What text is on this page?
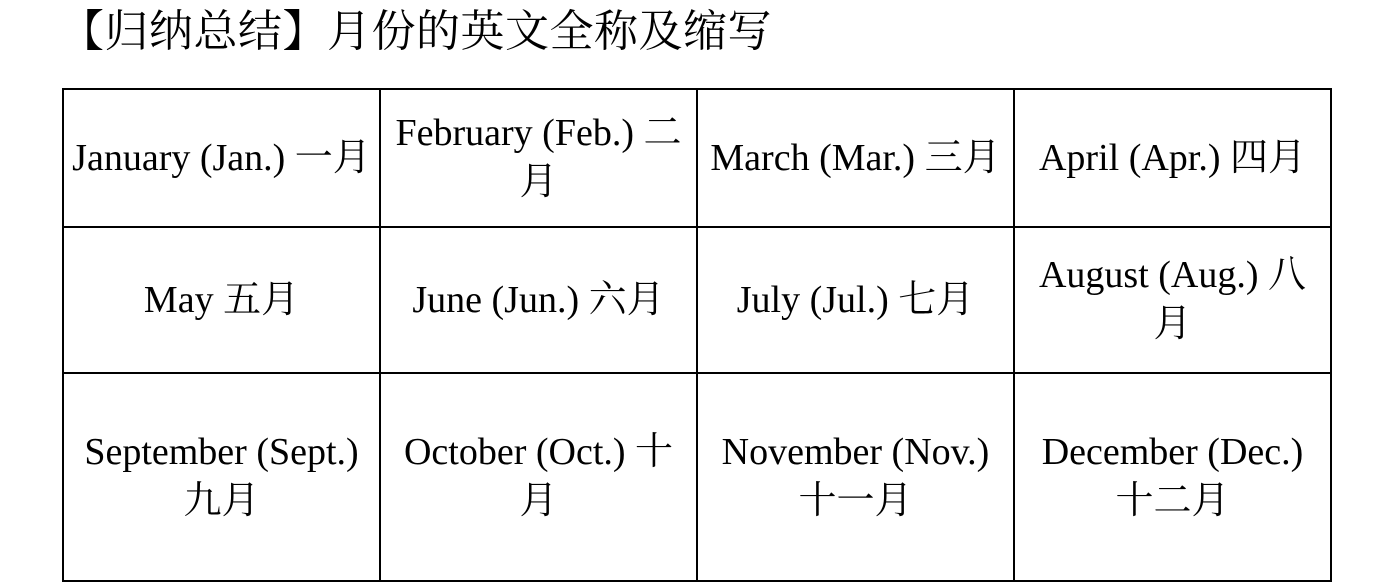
【归纳总结】月份的英文全称及缩写
January (Jan.) 一月	February (Feb.) 二月	March (Mar.) 三月	April (Apr.) 四月

May 五月	June (Jun.) 六月	July (Jul.) 七月	August (Aug.) 八月

September (Sept.) 九月	October (Oct.) 十月	November (Nov.) 十一月	December (Dec.) 十二月
